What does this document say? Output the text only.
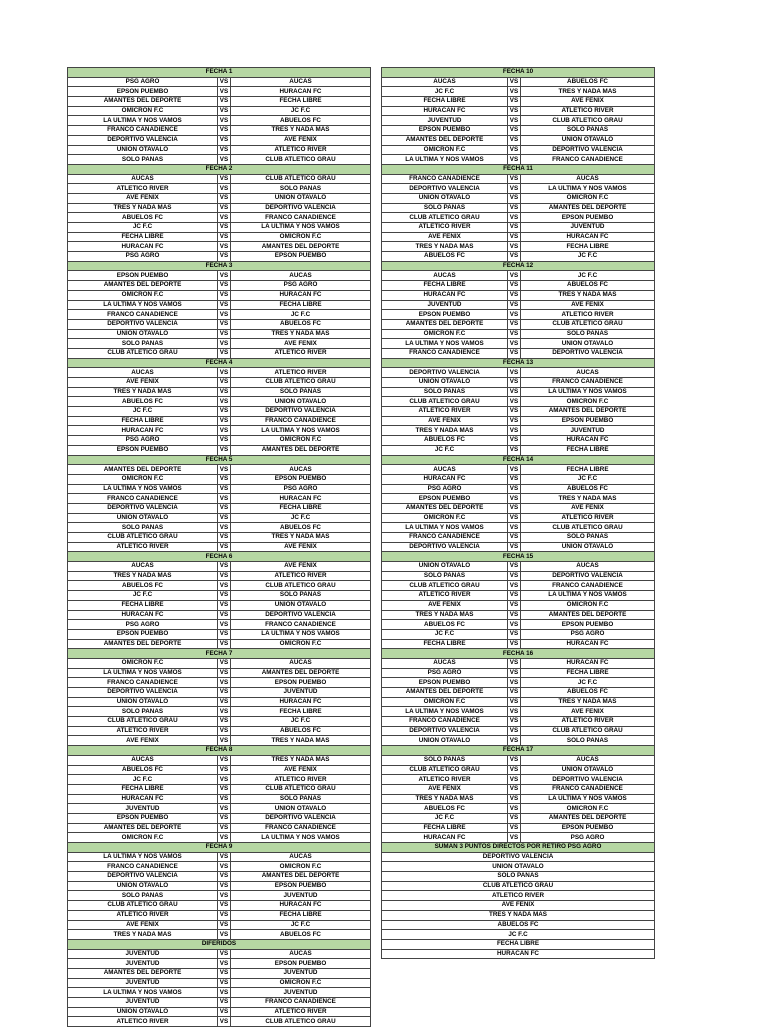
FECHA 1		
PSG AGRO	VS	AUCAS
EPSON PUEMBO	VS	HURACAN FC
AMANTES DEL DEPORTE	VS	FECHA LIBRE
OMICRON F.C	VS	JC F.C
LA ULTIMA Y NOS VAMOS	VS	ABUELOS FC
FRANCO CANADIENCE	VS	TRES Y NADA MAS
DEPORTIVO VALENCIA	VS	AVE FENIX
UNION OTAVALO	VS	ATLETICO RIVER
SOLO PANAS	VS	CLUB ATLETICO GRAU
FECHA 2		
AUCAS	VS	CLUB ATLETICO GRAU
ATLETICO RIVER	VS	SOLO PANAS
AVE FENIX	VS	UNION OTAVALO
TRES Y NADA MAS	VS	DEPORTIVO VALENCIA
ABUELOS FC	VS	FRANCO CANADIENCE
JC F.C	VS	LA ULTIMA Y NOS VAMOS
FECHA LIBRE	VS	OMICRON F.C
HURACAN FC	VS	AMANTES DEL DEPORTE
PSG AGRO	VS	EPSON PUEMBO
FECHA 3		
EPSON PUEMBO	VS	AUCAS
AMANTES DEL DEPORTE	VS	PSG AGRO
OMICRON F.C	VS	HURACAN FC
LA ULTIMA Y NOS VAMOS	VS	FECHA LIBRE
FRANCO CANADIENCE	VS	JC F.C
DEPORTIVO VALENCIA	VS	ABUELOS FC
UNION OTAVALO	VS	TRES Y NADA MAS
SOLO PANAS	VS	AVE FENIX
CLUB ATLETICO GRAU	VS	ATLETICO RIVER
FECHA 4		
AUCAS	VS	ATLETICO RIVER
AVE FENIX	VS	CLUB ATLETICO GRAU
TRES Y NADA MAS	VS	SOLO PANAS
ABUELOS FC	VS	UNION OTAVALO
JC F.C	VS	DEPORTIVO VALENCIA
FECHA LIBRE	VS	FRANCO CANADIENCE
HURACAN FC	VS	LA ULTIMA Y NOS VAMOS
PSG AGRO	VS	OMICRON F.C
EPSON PUEMBO	VS	AMANTES DEL DEPORTE
FECHA 5		
AMANTES DEL DEPORTE	VS	AUCAS
OMICRON F.C	VS	EPSON PUEMBO
LA ULTIMA Y NOS VAMOS	VS	PSG AGRO
FRANCO CANADIENCE	VS	HURACAN FC
DEPORTIVO VALENCIA	VS	FECHA LIBRE
UNION OTAVALO	VS	JC F.C
SOLO PANAS	VS	ABUELOS FC
CLUB ATLETICO GRAU	VS	TRES Y NADA MAS
ATLETICO RIVER	VS	AVE FENIX
FECHA 6		
AUCAS	VS	AVE FENIX
TRES Y NADA MAS	VS	ATLETICO RIVER
ABUELOS FC	VS	CLUB ATLETICO GRAU
JC F.C	VS	SOLO PANAS
FECHA LIBRE	VS	UNION OTAVALO
HURACAN FC	VS	DEPORTIVO VALENCIA
PSG AGRO	VS	FRANCO CANADIENCE
EPSON PUEMBO	VS	LA ULTIMA Y NOS VAMOS
AMANTES DEL DEPORTE	VS	OMICRON F.C
FECHA 7		
OMICRON F.C	VS	AUCAS
LA ULTIMA Y NOS VAMOS	VS	AMANTES DEL DEPORTE
FRANCO CANADIENCE	VS	EPSON PUEMBO
DEPORTIVO VALENCIA	VS	JUVENTUD
UNION OTAVALO	VS	HURACAN FC
SOLO PANAS	VS	FECHA LIBRE
CLUB ATLETICO GRAU	VS	JC F.C
ATLETICO RIVER	VS	ABUELOS FC
AVE FENIX	VS	TRES Y NADA MAS
FECHA 8		
AUCAS	VS	TRES Y NADA MAS
ABUELOS FC	VS	AVE FENIX
JC F.C	VS	ATLETICO RIVER
FECHA LIBRE	VS	CLUB ATLETICO GRAU
HURACAN FC	VS	SOLO PANAS
JUVENTUD	VS	UNION OTAVALO
EPSON PUEMBO	VS	DEPORTIVO VALENCIA
AMANTES DEL DEPORTE	VS	FRANCO CANADIENCE
OMICRON F.C	VS	LA ULTIMA Y NOS VAMOS
FECHA 9		
LA ULTIMA Y NOS VAMOS	VS	AUCAS
FRANCO CANADIENCE	VS	OMICRON F.C
DEPORTIVO VALENCIA	VS	AMANTES DEL DEPORTE
UNION OTAVALO	VS	EPSON PUEMBO
SOLO PANAS	VS	JUVENTUD
CLUB ATLETICO GRAU	VS	HURACAN FC
ATLETICO RIVER	VS	FECHA LIBRE
AVE FENIX	VS	JC F.C
TRES Y NADA MAS	VS	ABUELOS FC
DIFERIDOS		
JUVENTUD	VS	AUCAS
JUVENTUD	VS	EPSON PUEMBO
AMANTES DEL DEPORTE	VS	JUVENTUD
JUVENTUD	VS	OMICRON F.C
LA ULTIMA Y NOS VAMOS	VS	JUVENTUD
JUVENTUD	VS	FRANCO CANADIENCE
UNION OTAVALO	VS	ATLETICO RIVER
ATLETICO RIVER	VS	CLUB ATLETICO GRAU
FECHA 10		
AUCAS	VS	ABUELOS FC
JC F.C	VS	TRES Y NADA MAS
FECHA LIBRE	VS	AVE FENIX
HURACAN FC	VS	ATLETICO RIVER
JUVENTUD	VS	CLUB ATLETICO GRAU
EPSON PUEMBO	VS	SOLO PANAS
AMANTES DEL DEPORTE	VS	UNION OTAVALO
OMICRON F.C	VS	DEPORTIVO VALENCIA
LA ULTIMA Y NOS VAMOS	VS	FRANCO CANADIENCE
FECHA 11		
FRANCO CANADIENCE	VS	AUCAS
DEPORTIVO VALENCIA	VS	LA ULTIMA Y NOS VAMOS
UNION OTAVALO	VS	OMICRON F.C
SOLO PANAS	VS	AMANTES DEL DEPORTE
CLUB ATLETICO GRAU	VS	EPSON PUEMBO
ATLETICO RIVER	VS	JUVENTUD
AVE FENIX	VS	HURACAN FC
TRES Y NADA MAS	VS	FECHA LIBRE
ABUELOS FC	VS	JC F.C
FECHA 12		
AUCAS	VS	JC F.C
FECHA LIBRE	VS	ABUELOS FC
HURACAN FC	VS	TRES Y NADA MAS
JUVENTUD	VS	AVE FENIX
EPSON PUEMBO	VS	ATLETICO RIVER
AMANTES DEL DEPORTE	VS	CLUB ATLETICO GRAU
OMICRON F.C	VS	SOLO PANAS
LA ULTIMA Y NOS VAMOS	VS	UNION OTAVALO
FRANCO CANADIENCE	VS	DEPORTIVO VALENCIA
FECHA 13		
DEPORTIVO VALENCIA	VS	AUCAS
UNION OTAVALO	VS	FRANCO CANADIENCE
SOLO PANAS	VS	LA ULTIMA Y NOS VAMOS
CLUB ATLETICO GRAU	VS	OMICRON F.C
ATLETICO RIVER	VS	AMANTES DEL DEPORTE
AVE FENIX	VS	EPSON PUEMBO
TRES Y NADA MAS	VS	JUVENTUD
ABUELOS FC	VS	HURACAN FC
JC F.C	VS	FECHA LIBRE
FECHA 14		
AUCAS	VS	FECHA LIBRE
HURACAN FC	VS	JC F.C
PSG AGRO	VS	ABUELOS FC
EPSON PUEMBO	VS	TRES Y NADA MAS
AMANTES DEL DEPORTE	VS	AVE FENIX
OMICRON F.C	VS	ATLETICO RIVER
LA ULTIMA Y NOS VAMOS	VS	CLUB ATLETICO GRAU
FRANCO CANADIENCE	VS	SOLO PANAS
DEPORTIVO VALENCIA	VS	UNION OTAVALO
FECHA 15		
UNION OTAVALO	VS	AUCAS
SOLO PANAS	VS	DEPORTIVO VALENCIA
CLUB ATLETICO GRAU	VS	FRANCO CANADIENCE
ATLETICO RIVER	VS	LA ULTIMA Y NOS VAMOS
AVE FENIX	VS	OMICRON F.C
TRES Y NADA MAS	VS	AMANTES DEL DEPORTE
ABUELOS FC	VS	EPSON PUEMBO
JC F.C	VS	PSG AGRO
FECHA LIBRE	VS	HURACAN FC
FECHA 16		
AUCAS	VS	HURACAN FC
PSG AGRO	VS	FECHA LIBRE
EPSON PUEMBO	VS	JC F.C
AMANTES DEL DEPORTE	VS	ABUELOS FC
OMICRON F.C	VS	TRES Y NADA MAS
LA ULTIMA Y NOS VAMOS	VS	AVE FENIX
FRANCO CANADIENCE	VS	ATLETICO RIVER
DEPORTIVO VALENCIA	VS	CLUB ATLETICO GRAU
UNION OTAVALO	VS	SOLO PANAS
FECHA 17		
SOLO PANAS	VS	AUCAS
CLUB ATLETICO GRAU	VS	UNION OTAVALO
ATLETICO RIVER	VS	DEPORTIVO VALENCIA
AVE FENIX	VS	FRANCO CANADIENCE
TRES Y NADA MAS	VS	LA ULTIMA Y NOS VAMOS
ABUELOS FC	VS	OMICRON F.C
JC F.C	VS	AMANTES DEL DEPORTE
FECHA LIBRE	VS	EPSON PUEMBO
HURACAN FC	VS	PSG AGRO
SUMAN 3 PUNTOS DIRECTOS POR RETIRO PSG AGRO		
DEPORTIVO VALENCIA		
UNION OTAVALO		
SOLO PANAS		
CLUB ATLETICO GRAU		
ATLETICO RIVER		
AVE FENIX		
TRES Y NADA MAS		
ABUELOS FC		
JC F.C		
FECHA LIBRE		
HURACAN FC		
